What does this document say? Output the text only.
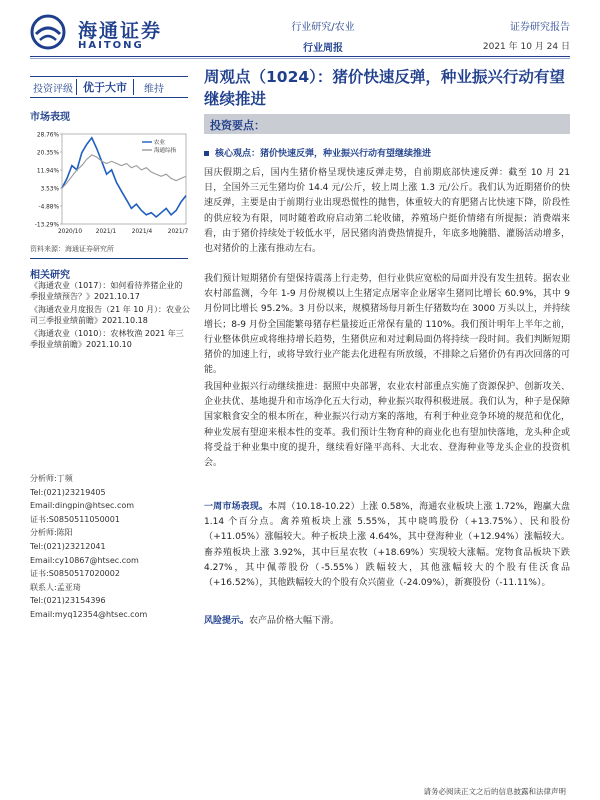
海通证券
HAITONG
行业研究/农业
行业周报
证券研究报告
2021 年 10 月 24 日
投资评级 优于大市	维持
市场表现
28.76%
20.35%
11.94%
3.53%
-4.88%
-13.29%
2020/10 2021/1	2021/4	2021/7
农业
海通综指
资料来源：海通证券研究所
相关研究
《海通农业（1017）：如何看待养猪企业的季报业绩预告？》2021.10.17
《海通农业月度报告（21 年 10 月）：农业公司三季报业绩前瞻》2021.10.18
《海通农业（1010）：农林牧渔 2021 年三季报业绩前瞻》2021.10.10
分析师:丁频
Tel:(021)23219405
Email:dingpin@htsec.com
证书:S0850511050001
分析师:陈阳
Tel:(021)23212041
Email:cy10867@htsec.com
证书:S0850517020002
联系人:孟亚琦
Tel:(021)23154396
Email:myq12354@htsec.com
周观点（1024）：猪价快速反弹，种业振兴行动有望继续推进
投资要点：
核心观点：猪价快速反弹，种业振兴行动有望继续推进
国庆假期之后，国内生猪价格呈现快速反弹走势，自前期底部快速反弹：截至 10 月 21 日，全国外三元生猪均价 14.4 元/公斤，较上周上涨 1.3 元/公斤。我们认为近期猪价的快速反弹，主要是由于前期行业出现恐慌性的抛售，体重较大的育肥猪占比快速下降，阶段性的供应较为有限，同时随着政府启动第二轮收储，养殖场户挺价情绪有所提振；消费端来看，由于猪价持续处于较低水平，居民猪肉消费热情提升，年底多地腌腊、灌肠活动增多，也对猪价的上涨有推动左右。
我们预计短期猪价有望保持震荡上行走势，但行业供应宽松的局面并没有发生扭转。据农业农村部监测，今年 1-9 月份规模以上生猪定点屠宰企业屠宰生猪同比增长 60.9%，其中 9 月份同比增长 95.2%。3 月份以来，规模猪场每月新生仔猪数均在 3000 万头以上，并持续增长；8-9 月份全国能繁母猪存栏量接近正常保有量的 110%。我们预计明年上半年之前，行业整体供应或将维持增长趋势，生猪供应和对过剩局面仍将持续一段时间。我们判断短期猪价的加速上行，或将导致行业产能去化进程有所放缓，不排除之后猪价仍有再次回落的可能。
我国种业振兴行动继续推进：据照中央部署，农业农村部重点实施了资源保护、创新攻关、企业扶优、基地提升和市场净化五大行动，种业振兴取得积极进展。我们认为，种子是保障国家粮食安全的根本所在，种业振兴行动方案的落地，有利于种业竞争环境的规范和优化，种业发展有望迎来根本性的变革。我们预计生物育种的商业化也有望加快落地，龙头种企或将受益于种业集中度的提升，继续看好隆平高科、大北农、登海种业等龙头企业的投资机会。
一周市场表现。本周（10.18-10.22）上涨 0.58%，海通农业板块上涨 1.72%，跑赢大盘 1.14 个百分点。禽养殖板块上涨 5.55%，其中晓鸣股份（+13.75%）、民和股份（+11.05%）涨幅较大。种子板块上涨 4.64%，其中登海种业（+12.94%）涨幅较大。畜养殖板块上涨 3.92%，其中巨星农牧（+18.69%）实现较大涨幅。宠物食品板块下跌 4.27%，其中佩蒂股份（-5.55%）跌幅较大，其他涨幅较大的个股有佳沃食品（+16.52%），其他跌幅较大的个股有众兴菌业（-24.09%），新赛股份（-11.11%）。
风险提示。农产品价格大幅下滑。
请务必阅读正文之后的信息披露和法律声明
